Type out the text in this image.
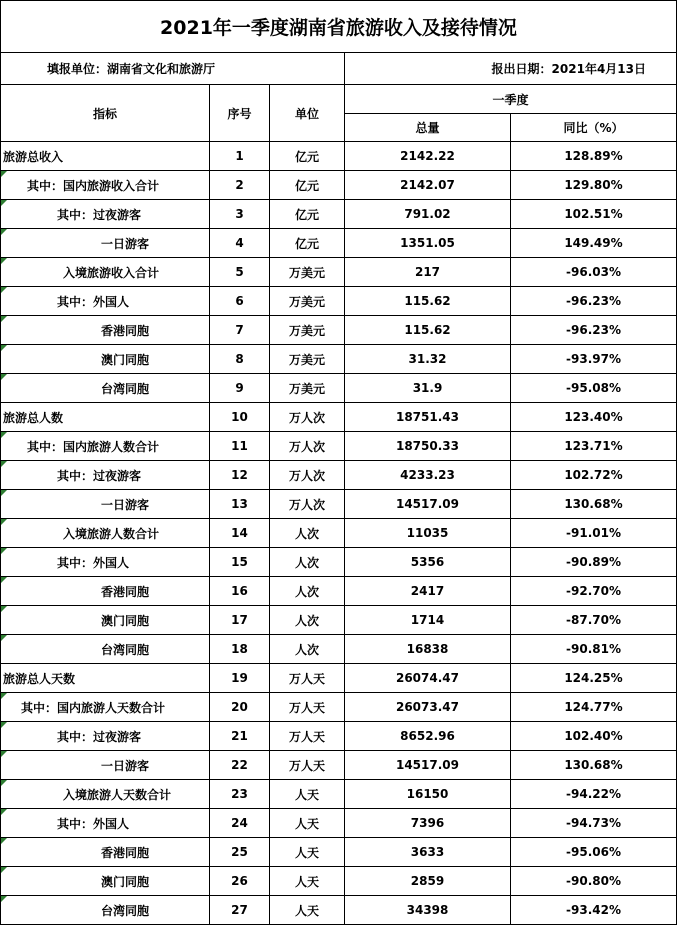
2021年一季度湖南省旅游收入及接待情况				
填报单位：湖南省文化和旅游厅			报出日期：2021年4月13日	
指标	序号	单位	一季度	
			总量	同比（%）
旅游总收入	1	亿元	2142.22	128.89%
其中：国内旅游收入合计	2	亿元	2142.07	129.80%
其中：过夜游客	3	亿元	791.02	102.51%
一日游客	4	亿元	1351.05	149.49%
入境旅游收入合计	5	万美元	217	-96.03%
其中：外国人	6	万美元	115.62	-96.23%
香港同胞	7	万美元	115.62	-96.23%
澳门同胞	8	万美元	31.32	-93.97%
台湾同胞	9	万美元	31.9	-95.08%
旅游总人数	10	万人次	18751.43	123.40%
其中：国内旅游人数合计	11	万人次	18750.33	123.71%
其中：过夜游客	12	万人次	4233.23	102.72%
一日游客	13	万人次	14517.09	130.68%
入境旅游人数合计	14	人次	11035	-91.01%
其中：外国人	15	人次	5356	-90.89%
香港同胞	16	人次	2417	-92.70%
澳门同胞	17	人次	1714	-87.70%
台湾同胞	18	人次	16838	-90.81%
旅游总人天数	19	万人天	26074.47	124.25%
其中：国内旅游人天数合计	20	万人天	26073.47	124.77%
其中：过夜游客	21	万人天	8652.96	102.40%
一日游客	22	万人天	14517.09	130.68%
入境旅游人天数合计	23	人天	16150	-94.22%
其中：外国人	24	人天	7396	-94.73%
香港同胞	25	人天	3633	-95.06%
澳门同胞	26	人天	2859	-90.80%
台湾同胞	27	人天	34398	-93.42%
